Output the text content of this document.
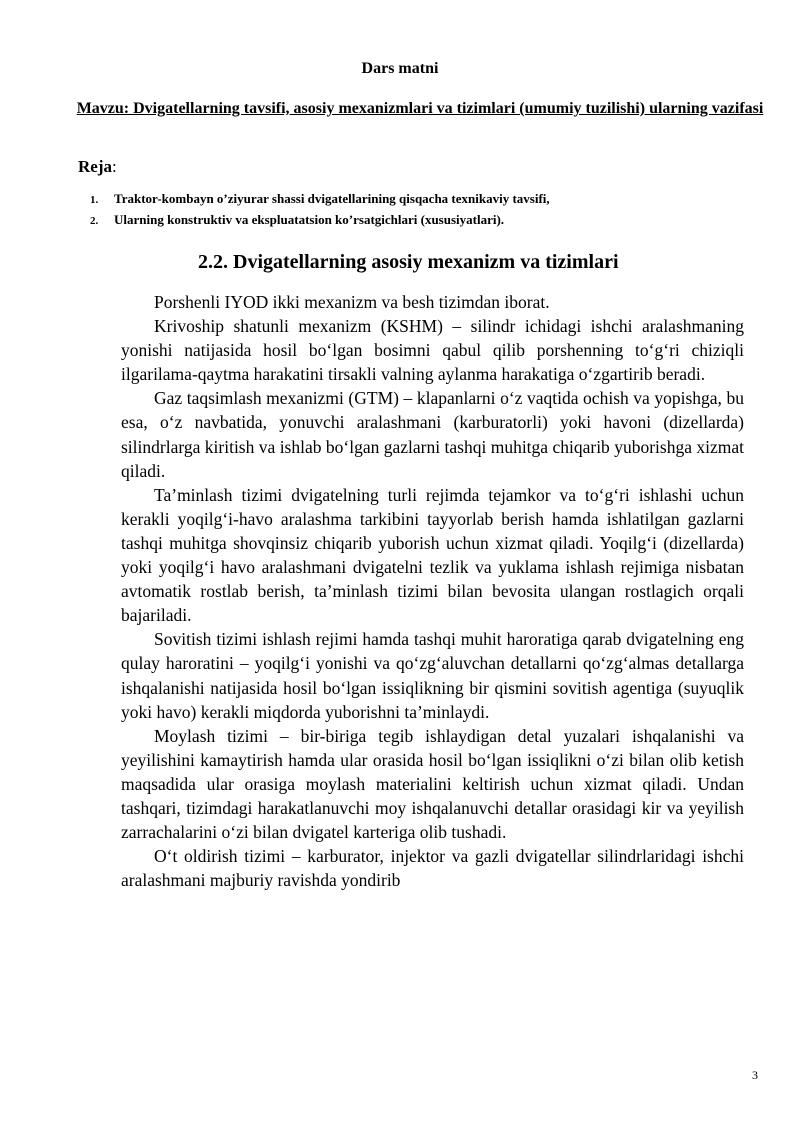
Dars matni
Mavzu: Dvigatellarning tavsifi, asosiy mexanizmlari va tizimlari (umumiy tuzilishi) ularning vazifasi
Reja:
1. Traktor-kombayn o’ziyurar shassi dvigatellarining qisqacha texnikaviy tavsifi,
2. Ularning konstruktiv va ekspluatatsion ko’rsatgichlari (xususiyatlari).
2.2. Dvigatellarning asosiy mexanizm va tizimlari

Porshenli IYOD ikki mexanizm va besh tizimdan iborat.

Krivoship shatunli mexanizm (KSHM) – silindr ichidagi ishchi aralashmaning yonishi natijasida hosil bo‘lgan bosimni qabul qilib porshenning to‘g‘ri chiziqli ilgarilama-qaytma harakatini tirsakli valning aylanma harakatiga o‘zgartirib beradi.

Gaz taqsimlash mexanizmi (GTM) – klapanlarni o‘z vaqtida ochish va yopishga, bu esa, o‘z navbatida, yonuvchi aralashmani (karburatorli) yoki havoni (dizellarda) silindrlarga kiritish va ishlab bo‘lgan gazlarni tashqi muhitga chiqarib yuborishga xizmat qiladi.

Ta’minlash tizimi dvigatelning turli rejimda tejamkor va to‘g‘ri ishlashi uchun kerakli yoqilg‘i-havo aralashma tarkibini tayyorlab berish hamda ishlatilgan gazlarni tashqi muhitga shovqinsiz chiqarib yuborish uchun xizmat qiladi. Yoqilg‘i (dizellarda) yoki yoqilg‘i havo aralashmani dvigatelni tezlik va yuklama ishlash rejimiga nisbatan avtomatik rostlab berish, ta’minlash tizimi bilan bevosita ulangan rostlagich orqali bajariladi.

Sovitish tizimi ishlash rejimi hamda tashqi muhit haroratiga qarab dvigatelning eng qulay haroratini – yoqilg‘i yonishi va qo‘zg‘aluvchan detallarni qo‘zg‘almas detallarga ishqalanishi natijasida hosil bo‘lgan issiqlikning bir qismini sovitish agentiga (suyuqlik yoki havo) kerakli miqdorda yuborishni ta’minlaydi.

Moylash tizimi – bir-biriga tegib ishlaydigan detal yuzalari ishqalanishi va yeyilishini kamaytirish hamda ular orasida hosil bo‘lgan issiqlikni o‘zi bilan olib ketish maqsadida ular orasiga moylash materialini keltirish uchun xizmat qiladi. Undan tashqari, tizimdagi harakatlanuvchi moy ishqalanuvchi detallar orasidagi kir va yeyilish zarrachalarini o‘zi bilan dvigatel karteriga olib tushadi.

O‘t oldirish tizimi – karburator, injektor va gazli dvigatellar silindrlaridagi ishchi aralashmani majburiy ravishda yondirib

3
